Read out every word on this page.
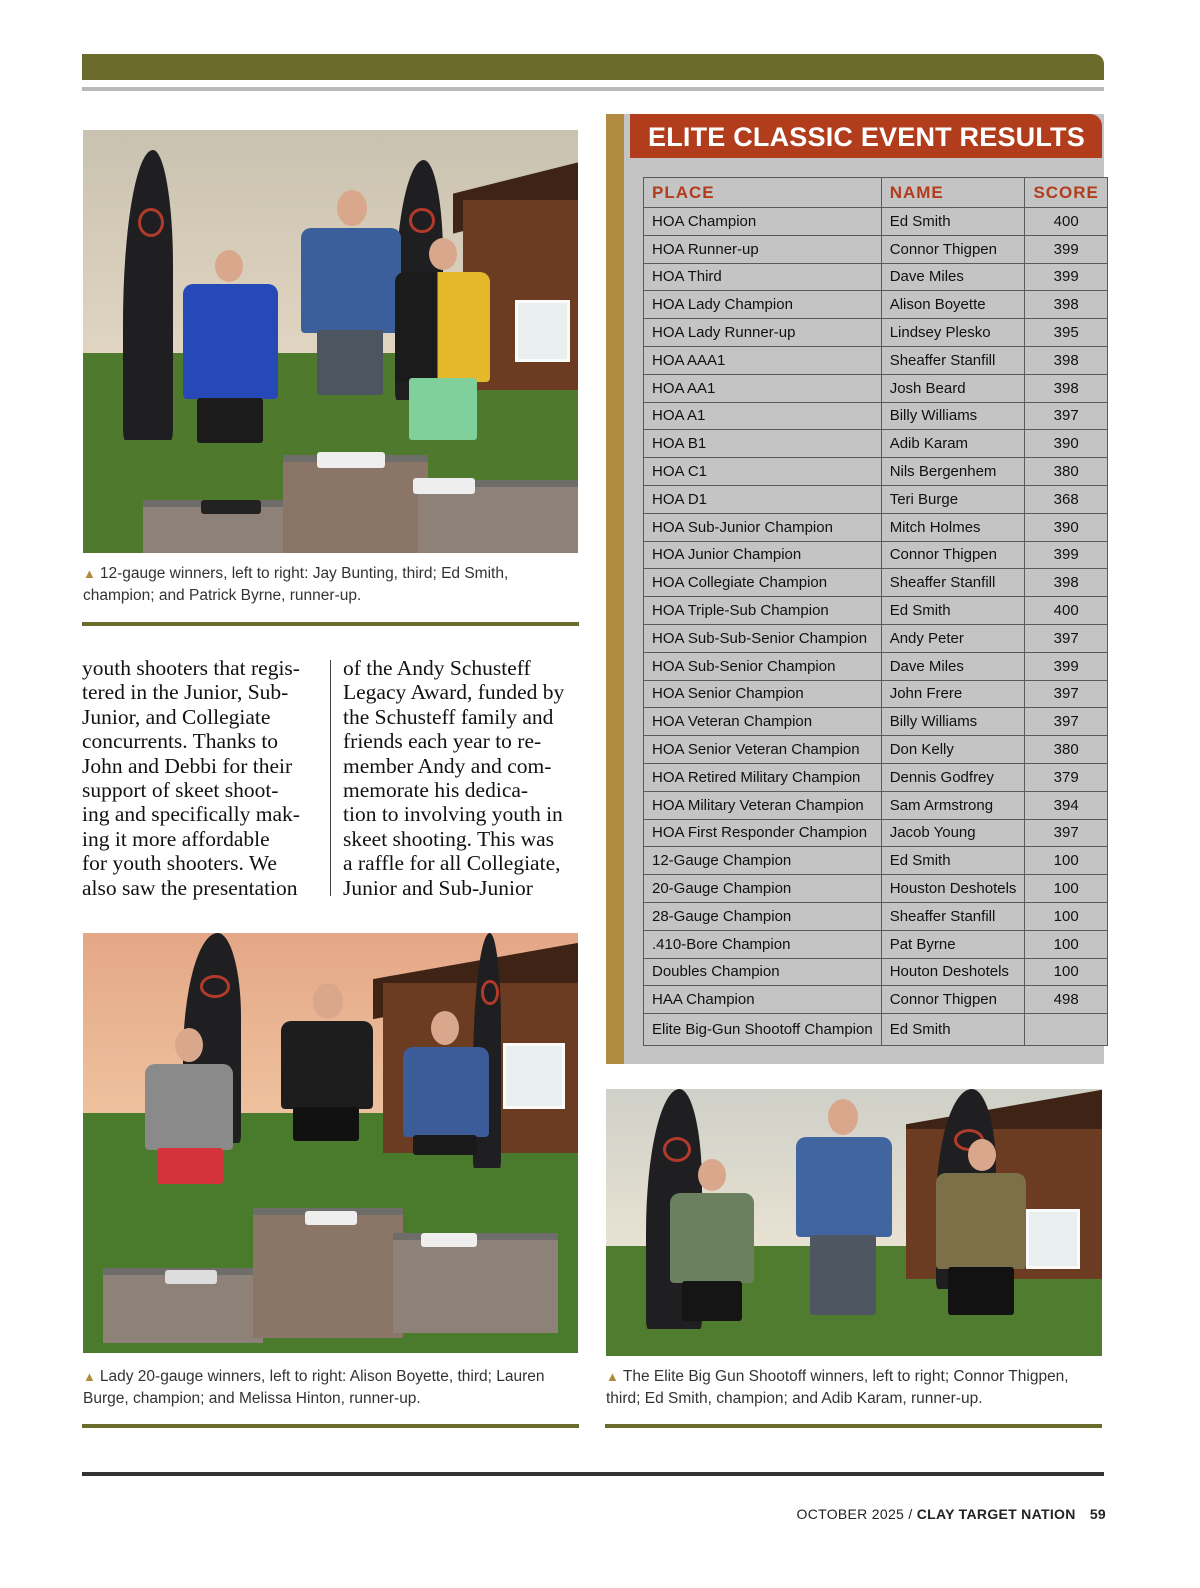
▲ 12-gauge winners, left to right: Jay Bunting, third; Ed Smith, champion; and Patrick Byrne, runner-up.

youth shooters that regis-
tered in the Junior, Sub-
Junior, and Collegiate
concurrents. Thanks to
John and Debbi for their
support of skeet shoot-
ing and specifically mak-
ing it more affordable
for youth shooters. We
also saw the presentation

of the Andy Schusteff
Legacy Award, funded by
the Schusteff family and
friends each year to re-
member Andy and com-
memorate his dedica-
tion to involving youth in
skeet shooting. This was
a raffle for all Collegiate,
Junior and Sub-Junior

▲ Lady 20-gauge winners, left to right: Alison Boyette, third; Lauren Burge, champion; and Melissa Hinton, runner-up.
ELITE CLASSIC EVENT RESULTS
PLACE	NAME	SCORE
HOA Champion	Ed Smith	400
HOA Runner-up	Connor Thigpen	399
HOA Third	Dave Miles	399
HOA Lady Champion	Alison Boyette	398
HOA Lady Runner-up	Lindsey Plesko	395
HOA AAA1	Sheaffer Stanfill	398
HOA AA1	Josh Beard	398
HOA A1	Billy Williams	397
HOA B1	Adib Karam	390
HOA C1	Nils Bergenhem	380
HOA D1	Teri Burge	368
HOA Sub-Junior Champion	Mitch Holmes	390
HOA Junior Champion	Connor Thigpen	399
HOA Collegiate Champion	Sheaffer Stanfill	398
HOA Triple-Sub Champion	Ed Smith	400
HOA Sub-Sub-Senior Champion	Andy Peter	397
HOA Sub-Senior Champion	Dave Miles	399
HOA Senior Champion	John Frere	397
HOA Veteran Champion	Billy Williams	397
HOA Senior Veteran Champion	Don Kelly	380
HOA Retired Military Champion	Dennis Godfrey	379
HOA Military Veteran Champion	Sam Armstrong	394
HOA First Responder Champion	Jacob Young	397
12-Gauge Champion	Ed Smith	100
20-Gauge Champion	Houston Deshotels	100
28-Gauge Champion	Sheaffer Stanfill	100
.410-Bore Champion	Pat Byrne	100
Doubles Champion	Houton Deshotels	100
HAA Champion	Connor Thigpen	498
Elite Big-Gun Shootoff Champion	Ed Smith	
▲ The Elite Big Gun Shootoff winners, left to right; Connor Thigpen, third; Ed Smith, champion; and Adib Karam, runner-up.
OCTOBER 2025 / CLAY TARGET NATION 59
